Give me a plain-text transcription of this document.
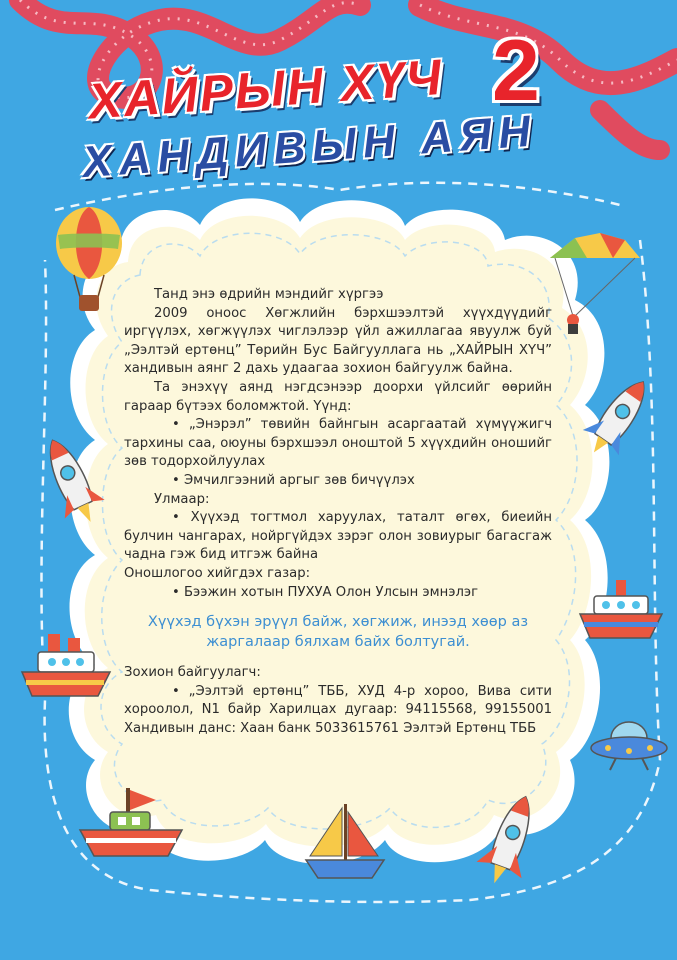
ХАЙРЫН ХҮЧ 2
ХАНДИВЫН АЯН

Танд энэ өдрийн мэндийг хүргээ

2009 оноос Хөгжлийн бэрхшээлтэй хүүхдүүдийг иргүүлэх, хөгжүүлэх чиглэлээр үйл ажиллагаа явуулж буй „Ээлтэй ертөнц” Төрийн Бус Байгууллага нь „ХАЙРЫН ХҮЧ” хандивын аянг 2 дахь удаагаа зохион байгуулж байна.

Та энэхүү аянд нэгдсэнээр доорхи үйлсийг өөрийн гараар бүтээх боломжтой. Үүнд:

• „Энэрэл” төвийн байнгын асаргаатай хүмүүжигч тархины саа, оюуны бэрхшээл оноштой 5 хүүхдийн оношийг зөв тодорхойлуулах

• Эмчилгээний аргыг зөв бичүүлэх

Улмаар:

• Хүүхэд тогтмол харуулах, таталт өгөх, биеийн булчин чангарах, нойргүйдэх зэрэг олон зовиурыг багасгаж чадна гэж бид итгэж байна

Оношлогоо хийгдэх газар:

• Бээжин хотын ПУХУА Олон Улсын эмнэлэг

Хүүхэд бүхэн эрүүл байж, хөгжиж, инээд хөөр аз жаргалаар бялхам байх болтугай.

Зохион байгуулагч:

• „Ээлтэй ертөнц” ТББ, ХУД 4-р хороо, Вива сити хороолол, N1 байр Харилцах дугаар: 94115568, 99155001 Хандивын данс: Хаан банк 5033615761 Ээлтэй Ертөнц ТББ
